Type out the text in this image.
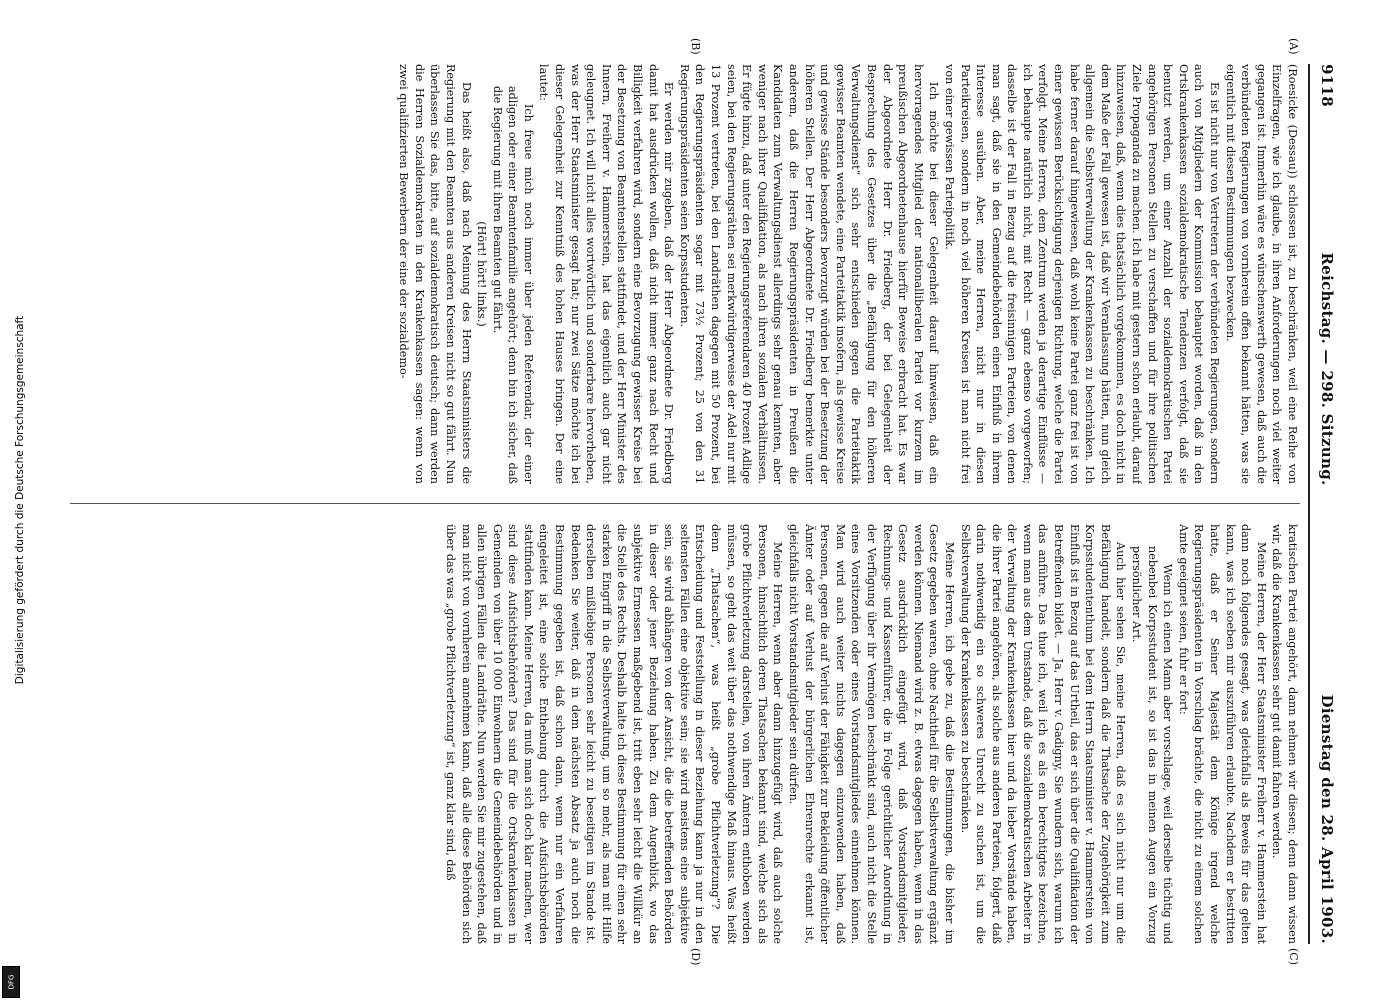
Digitalisierung gefördert durch die Deutsche Forschungsgemeinschaft
DFG
9118
Reichstag. — 298. Sitzung.
Dienstag den 28. April 1903.

(Roesicke (Dessau)) schlossen ist, zu beschränken, weil eine Reihe von Einzelfragen, wie ich glaube, in ihren Anforderungen noch viel weiter gegangen ist. Immerhin wäre es wünschenswerth gewesen, daß auch die verbündeten Regierungen von vornherein offen bekannt hätten, was sie eigentlich mit diesen Bestimmungen bezwecken.

Es ist nicht nur von Vertretern der verbündeten Regierungen, sondern auch von Mitgliedern der Kommission behauptet worden, daß in den Ortskrankenkassen sozialdemokratische Tendenzen verfolgt, daß sie benutzt werden, um einer Anzahl der sozialdemokratischen Partei angehörigen Personen Stellen zu verschaffen und für ihre politischen Ziele Propaganda zu machen. Ich habe mit gestern schon erlaubt, darauf hinzuweisen, daß, wenn dies thatsächlich vorgekommen, es doch nicht in dem Maße der Fall gewesen ist, daß wir Veranlassung hätten, nun gleich allgemein die Selbstverwaltung der Krankenkassen zu beschränken. Ich habe ferner darauf hingewiesen, daß wohl keine Partei ganz frei ist von einer gewissen Berücksichtigung derjenigen Richtung, welche die Partei verfolgt. Meine Herren, dem Zentrum werden ja derartige Einflüsse — ich behaupte natürlich nicht, mit Recht — ganz ebenso vorgeworfen; dasselbe ist der Fall in Bezug auf die freisinnigen Parteien, von denen man sagt, daß sie in den Gemeindebehörden einen Einfluß in ihrem Interesse ausüben. Aber, meine Herren, nicht nur in diesen Parteikreisen, sondern in noch viel höheren Kreisen ist man nicht frei von einer gewissen Parteipolitik.

Ich möchte bei dieser Gelegenheit darauf hinweisen, daß ein hervorragendes Mitglied der nationalliberalen Partei vor kurzem im preußischen Abgeordnetenhause hierfür Beweise erbracht hat. Es war der Abgeordnete Herr Dr. Friedberg, der bei Gelegenheit der Besprechung des Gesetzes über die „Befähigung für den höheren Verwaltungsdienst“ sich sehr entschieden gegen die Parteitaktik gewisser Beamten wendete, eine Parteitaktik insofern, als gewisse Kreise und gewisse Stände besonders bevorzugt würden bei der Besetzung der höheren Stellen. Der Herr Abgeordnete Dr. Friedberg bemerkte unter anderem, daß die Herren Regierungspräsidenten in Preußen die Kandidaten zum Verwaltungsdienst allerdings sehr genau kennten, aber weniger nach ihrer Qualifikation, als nach ihren sozialen Verhältnissen. Er fügte hinzu, daß unter den Regierungsreferendaren 40 Prozent Adlige seien, bei den Regierungsräthen sei merkwürdigerweise der Adel nur mit 13 Prozent vertreten, bei den Landräthen dagegen mit 50 Prozent, bei den Regierungspräsidenten sogar mit 73½ Prozent; 25 von den 31 Regierungspräsidenten seien Korpsstudenten.

Er werden mir zugeben, daß der Herr Abgeordnete Dr. Friedberg damit hat ausdrücken wollen, daß nicht immer ganz nach Recht und Billigkeit verfahren wird, sondern eine Bevorzugung gewisser Kreise bei der Besetzung von Beamtenstellen stattfindet, und der Herr Minister des Innern, Freiherr v. Hammerstein, hat das eigentlich auch gar nicht geleugnet. Ich will nicht alles wortwörtlich und sonderbare hervorheben, was der Herr Staatsminister gesagt hat; nur zwei Sätze möchte ich bei dieser Gelegenheit zur Kenntniß des hohen Hauses bringen. Der eine lautet:

Ich freue mich noch immer über jeden Referendar, der einer adligen oder einer Beamtenfamilie angehört; denn bin ich sicher, daß die Regierung mit ihren Beamten gut fährt.

(Hört! hört! links.)

Das heißt also, daß nach Meinung des Herrn Staatsministers die Regierung mit den Beamten aus anderen Kreisen nicht so gut fährt. Nun überlassen Sie das, bitte, auf sozialdemokratisch deutsch; dann werden die Herren Sozialdemokraten in den Krankenkassen sagen: wenn von zwei qualifizierten Bewerbern der eine der sozialdemo-

kratischen Partei angehört, dann nehmen wir diesen; denn dann wissen wir, daß die Krankenkassen sehr gut damit fahren werden.

Meine Herren, der Herr Staatsminister Freiherr v. Hammerstein hat dann noch folgendes gesagt, was gleichfalls als Beweis für das gelten kann, was ich soeben mir auszuführen erlaubte. Nachdem er bestritten hatte, daß er Seiner Majestät dem Könige irgend welche Regierungspräsidenten in Vorschlag brächte, die nicht zu einem solchen Amte geeignet seien, fuhr er fort:

Wenn ich einen Mann aber vorschlage, weil derselbe tüchtig und nebenbei Korpsstudent ist, so ist das in meinen Augen ein Vorzug persönlicher Art.

Auch hier sehen Sie, meine Herren, daß es sich nicht nur um die Befähigung handelt, sondern daß die Thatsache der Zugehörigkeit zum Korpsstudententhum bei dem Herrn Staatsminister v. Hammerstein von Einfluß ist in Bezug auf das Urtheil, das er sich über die Qualifikation der Betreffenden bildet. — Ja, Herr v. Gadigny, Sie wundern sich, warum ich das anführe. Das thue ich, weil ich es als ein berechtigtes bezeichne, wenn man aus dem Umstande, daß die sozialdemokratischen Arbeiter in der Verwaltung der Krankenkassen hier und da lieber Vorstände haben, die ihrer Partei angehören, als solche aus anderen Parteien, folgert, daß darin nothwendig ein so schweres Unrecht zu suchen ist, um die Selbstverwaltung der Krankenkassen zu beschränken.

Meine Herren, ich gebe zu, daß die Bestimmungen, die bisher im Gesetz gegeben waren, ohne Nachtheil für die Selbstverwaltung ergänzt werden können. Niemand wird z. B. etwas dagegen haben, wenn in das Gesetz ausdrücklich eingefügt wird, daß Vorstandsmitglieder, Rechnungs- und Kassenführer, die in Folge gerichtlicher Anordnung in der Verfügung über ihr Vermögen beschränkt sind, auch nicht die Stelle eines Vorsitzenden oder eines Vorstandsmitgliedes einnehmen können. Man wird auch weiter nichts dagegen einzuwenden haben, daß Personen, gegen die auf Verlust der Fähigkeit zur Bekleidung öffentlicher Ämter oder auf Verlust der bürgerlichen Ehrenrechte erkannt ist, gleichfalls nicht Vorstandsmitglieder sein dürfen.

Meine Herren, wenn aber dann hinzugefügt wird, daß auch solche Personen, hinsichtlich deren Thatsachen bekannt sind, welche sich als grobe Pflichtverletzung darstellen, von ihren Ämtern enthoben werden müssen, so geht das weit über das nothwendige Maß hinaus. Was heißt denn „Thatsachen“, was heißt „grobe Pflichtverletzung“? Die Entscheidung und Feststellung in dieser Beziehung kann ja nur in den seltensten Fällen eine objektive sein; sie wird meistens eine subjektive sein, sie wird abhängen von der Ansicht, die die betreffenden Behörden in dieser oder jener Beziehung haben. Zu dem Augenblick, wo das subjektive Ermessen maßgebend ist, tritt eben sehr leicht die Willkür an die Stelle des Rechts. Deshalb halte ich diese Bestimmung für einen sehr starken Eingriff in die Selbstverwaltung, um so mehr, als man mit Hilfe derselben mißliebige Personen sehr leicht zu beseitigen im Stande ist. Bedenken Sie weiter, daß in dem nächsten Absatz ja auch noch die Bestimmung gegeben ist, daß schon dann, wenn nur ein Verfahren eingeleitet ist, eine solche Enthebung durch die Aufsichtsbehörden stattfinden kann. Meine Herren, da muß man sich doch klar machen, wer sind diese Aufsichtsbehörden? Das sind für die Ortskrankenkassen in Gemeinden von über 10 000 Einwohnern die Gemeindebehörden und in allen übrigen Fällen die Landräthe. Nun werden Sie mir zugestehen, daß man nicht von vornherein annehmen kann, daß alle diese Behörden sich über das was „grobe Pflichtverletzung“ ist, ganz klar sind, daß

(A)
(B)
(C)
(D)
